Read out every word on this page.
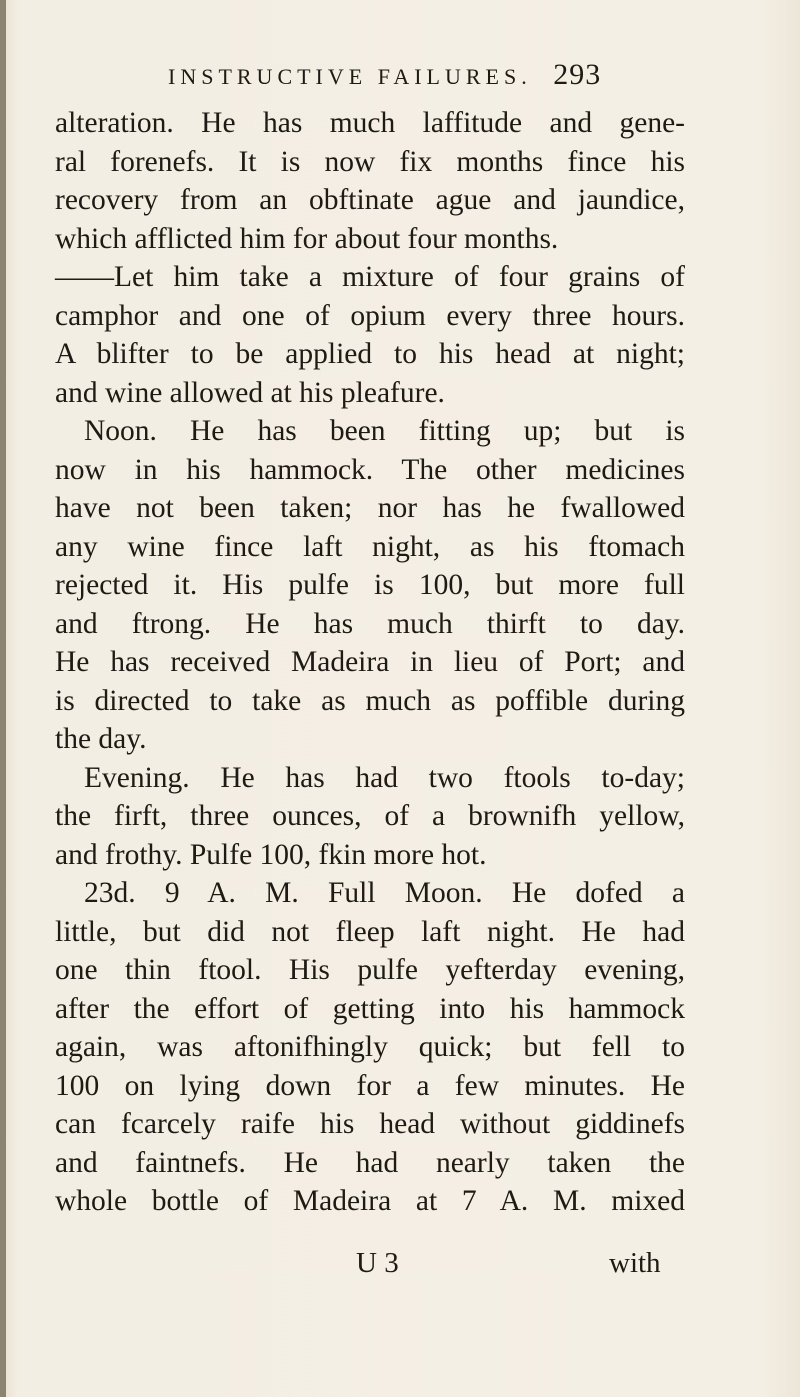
INSTRUCTIVE FAILURES. 293
alteration. He has much laffitude and gene-
ral forenefs. It is now fix months fince his
recovery from an obftinate ague and jaundice,
which afflicted him for about four months.
——Let him take a mixture of four grains of
camphor and one of opium every three hours.
A blifter to be applied to his head at night;
and wine allowed at his pleafure.
Noon. He has been fitting up; but is
now in his hammock. The other medicines
have not been taken; nor has he fwallowed
any wine fince laft night, as his ftomach
rejected it. His pulfe is 100, but more full
and ftrong. He has much thirft to day.
He has received Madeira in lieu of Port; and
is directed to take as much as poffible during
the day.
Evening. He has had two ftools to-day;
the firft, three ounces, of a brownifh yellow,
and frothy. Pulfe 100, fkin more hot.
23d. 9 A. M. Full Moon. He dofed a
little, but did not fleep laft night. He had
one thin ftool. His pulfe yefterday evening,
after the effort of getting into his hammock
again, was aftonifhingly quick; but fell to
100 on lying down for a few minutes. He
can fcarcely raife his head without giddinefs
and faintnefs. He had nearly taken the
whole bottle of Madeira at 7 A. M. mixed
U 3	with
